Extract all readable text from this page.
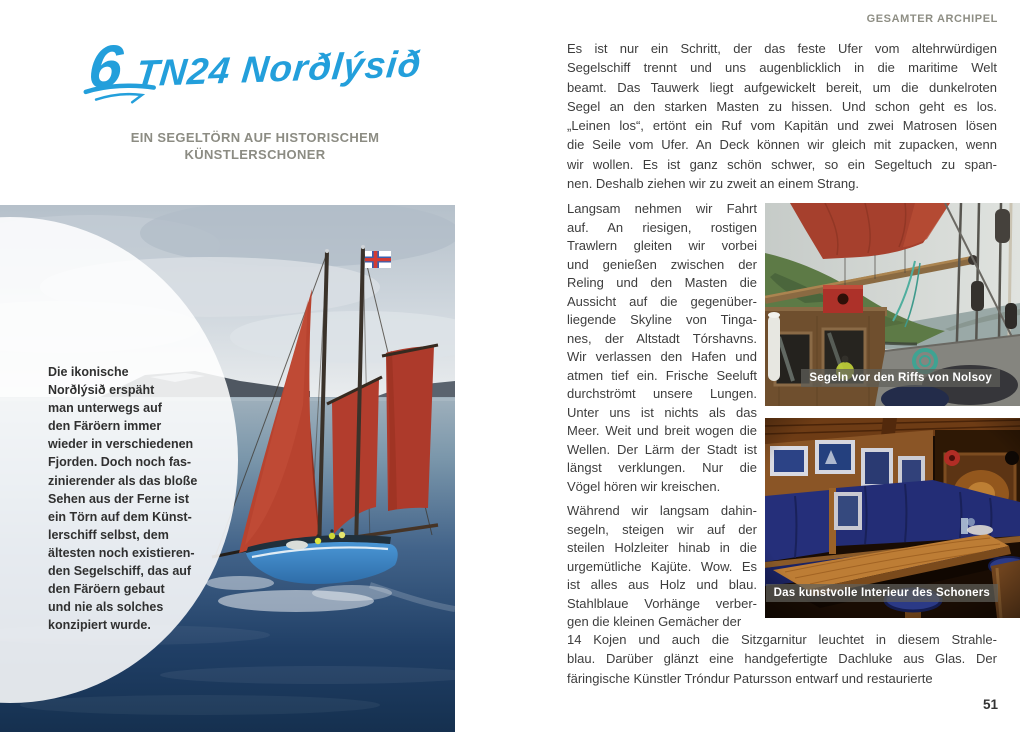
GESAMTER ARCHIPEL
6 TN24 Norðlýsið
EIN SEGELTÖRN AUF HISTORISCHEM
KÜNSTLERSCHONER
Die ikonische
Norðlýsið erspäht
man unterwegs auf
den Färöern immer
wieder in verschiedenen
Fjorden. Doch noch fas-
zinierender als das bloße
Sehen aus der Ferne ist
ein Törn auf dem Künst-
lerschiff selbst, dem
ältesten noch existieren-
den Segelschiff, das auf
den Färöern gebaut
und nie als solches
konzipiert wurde.
Es ist nur ein Schritt, der das feste Ufer vom altehrwürdigen
Segelschiff trennt und uns augenblicklich in die maritime Welt
beamt. Das Tauwerk liegt aufgewickelt bereit, um die dunkelroten
Segel an den starken Masten zu hissen. Und schon geht es los.
„Leinen los“, ertönt ein Ruf vom Kapitän und zwei Matrosen lösen
die Seile vom Ufer. An Deck können wir gleich mit zupacken, wenn
wir wollen. Es ist ganz schön schwer, so ein Segeltuch zu span-
nen. Deshalb ziehen wir zu zweit an einem Strang.
Langsam nehmen wir Fahrt
auf. An riesigen, rostigen
Trawlern gleiten wir vorbei
und genießen zwischen der
Reling und den Masten die
Aussicht auf die gegenüber-
liegende Skyline von Tinga-
nes, der Altstadt Tórshavns.
Wir verlassen den Hafen und
atmen tief ein. Frische Seeluft
durchströmt unsere Lungen.
Unter uns ist nichts als das
Meer. Weit und breit wogen die
Wellen. Der Lärm der Stadt ist
längst verklungen. Nur die
Vögel hören wir kreischen.
Während wir langsam dahin-
segeln, steigen wir auf der
steilen Holzleiter hinab in die
urgemütliche Kajüte. Wow. Es
ist alles aus Holz und blau.
Stahlblaue Vorhänge verber-
gen die kleinen Gemächer der
14 Kojen und auch die Sitzgarnitur leuchtet in diesem Strahle-
blau. Darüber glänzt eine handgefertigte Dachluke aus Glas. Der
färingische Künstler Tróndur Patursson entwarf und restaurierte
Segeln vor den Riffs von Nolsoy
Das kunstvolle Interieur des Schoners
51
